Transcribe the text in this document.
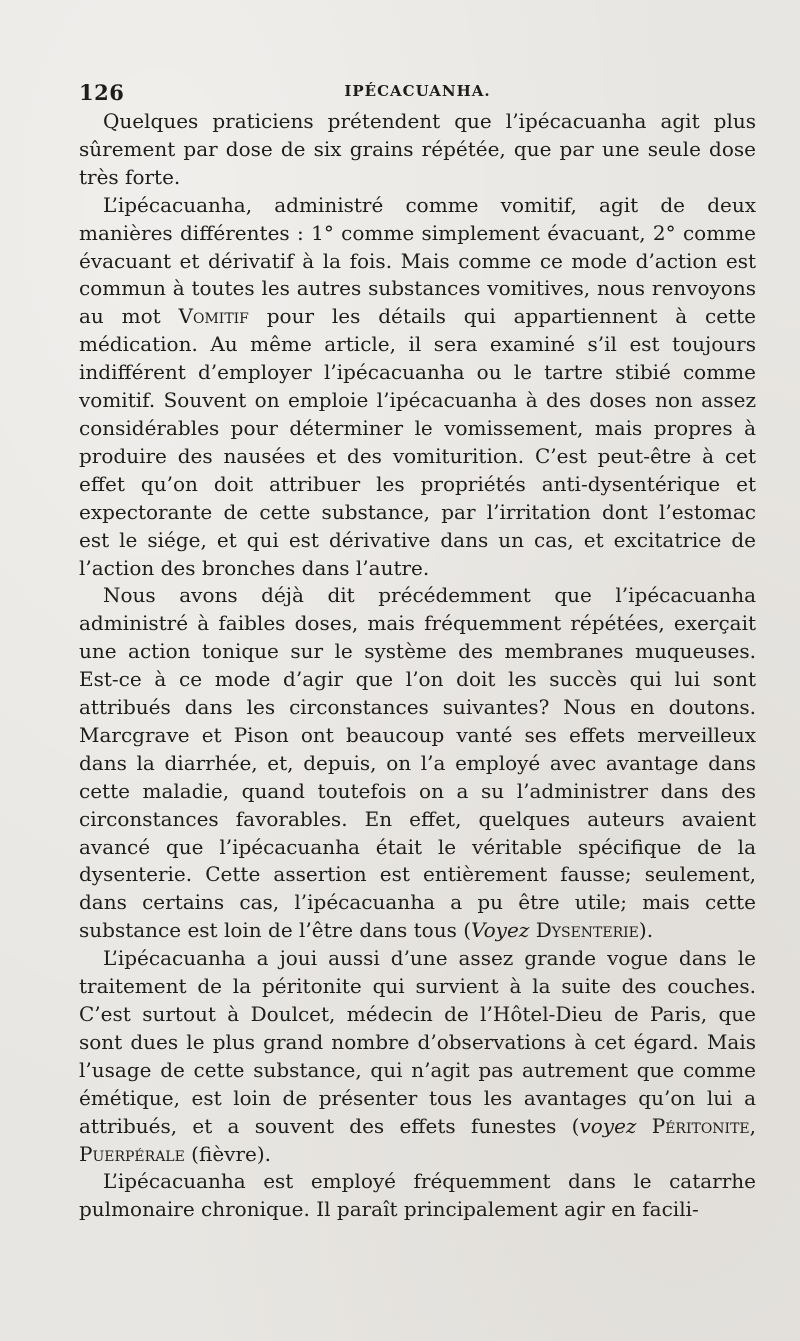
126	IPÉCACUANHA.

Quelques praticiens prétendent que l’ipécacuanha agit plus sûrement par dose de six grains répétée, que par une seule dose très forte.

L’ipécacuanha, administré comme vomitif, agit de deux manières différentes : 1° comme simplement évacuant, 2° comme évacuant et dérivatif à la fois. Mais comme ce mode d’action est commun à toutes les autres substances vomitives, nous renvoyons au mot Vomitif pour les détails qui appartiennent à cette médication. Au même article, il sera examiné s’il est toujours indifférent d’employer l’ipécacuanha ou le tartre stibié comme vomitif. Souvent on emploie l’ipécacuanha à des doses non assez considérables pour déterminer le vomissement, mais propres à produire des nausées et des vomiturition. C’est peut-être à cet effet qu’on doit attribuer les propriétés anti-dysentérique et expectorante de cette substance, par l’irritation dont l’estomac est le siége, et qui est dérivative dans un cas, et excitatrice de l’action des bronches dans l’autre.

Nous avons déjà dit précédemment que l’ipécacuanha administré à faibles doses, mais fréquemment répétées, exerçait une action tonique sur le système des membranes muqueuses. Est-ce à ce mode d’agir que l’on doit les succès qui lui sont attribués dans les circonstances suivantes? Nous en doutons. Marcgrave et Pison ont beaucoup vanté ses effets merveilleux dans la diarrhée, et, depuis, on l’a employé avec avantage dans cette maladie, quand toutefois on a su l’administrer dans des circonstances favorables. En effet, quelques auteurs avaient avancé que l’ipécacuanha était le véritable spécifique de la dysenterie. Cette assertion est entièrement fausse; seulement, dans certains cas, l’ipécacuanha a pu être utile; mais cette substance est loin de l’être dans tous (Voyez Dysenterie).

L’ipécacuanha a joui aussi d’une assez grande vogue dans le traitement de la péritonite qui survient à la suite des couches. C’est surtout à Doulcet, médecin de l’Hôtel-Dieu de Paris, que sont dues le plus grand nombre d’observations à cet égard. Mais l’usage de cette substance, qui n’agit pas autrement que comme émétique, est loin de présenter tous les avantages qu’on lui a attribués, et a souvent des effets funestes (voyez Péritonite, Puerpérale (fièvre).

L’ipécacuanha est employé fréquemment dans le catarrhe pulmonaire chronique. Il paraît principalement agir en facili-
